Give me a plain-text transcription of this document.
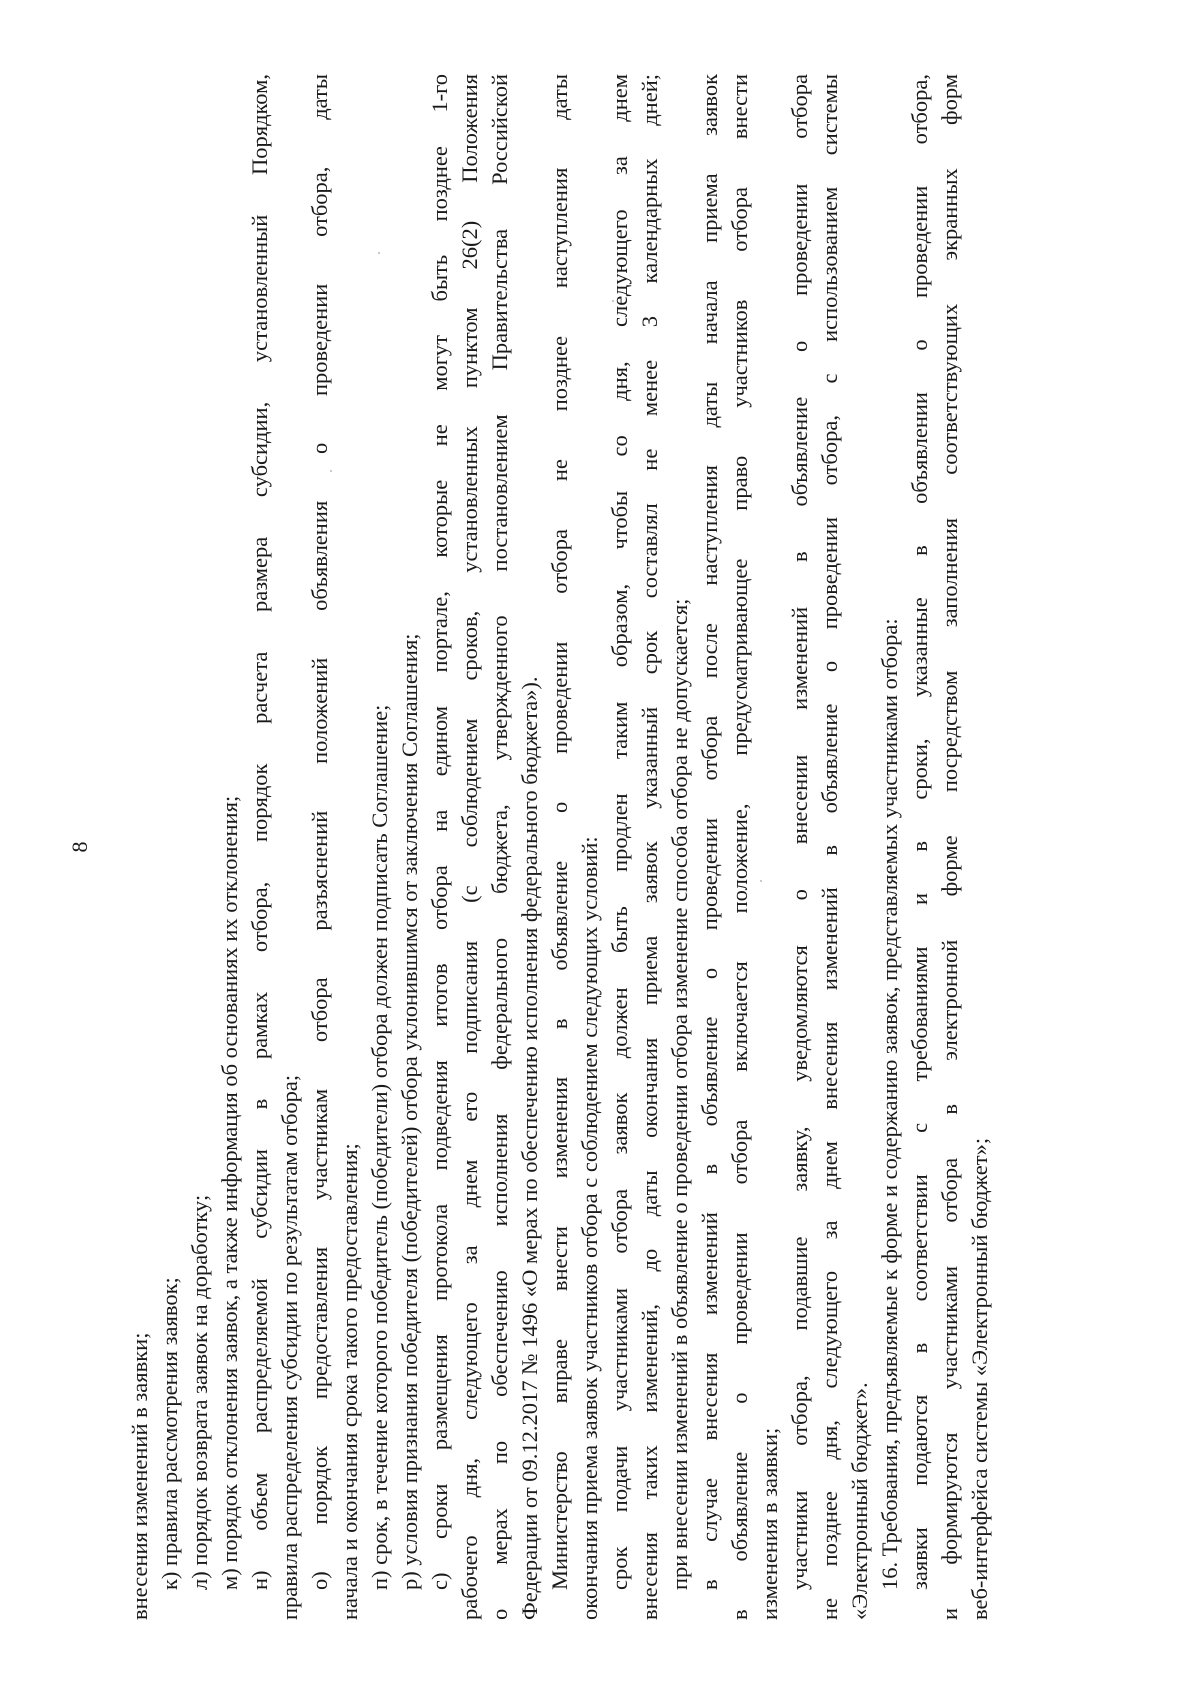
8
внесения изменений в заявки; к) правила рассмотрения заявок; л) порядок возврата заявок на доработку; м) порядок отклонения заявок, а также информация об основаниях их отклонения; н) объем распределяемой субсидии в рамках отбора, порядок расчета размера субсидии, установленный Порядком, правила распределения субсидии по результатам отбора; о) порядок предоставления участникам отбора разъяснений положений объявления о проведении отбора, даты начала и окончания срока такого предоставления; п) срок, в течение которого победитель (победители) отбора должен подписать Соглашение; р) условия признания победителя (победителей) отбора уклонившимся от заключения Соглашения; с) сроки размещения протокола подведения итогов отбора на едином портале, которые не могут быть позднее 1-го рабочего дня, следующего за днем его подписания (с соблюдением сроков, установленных пунктом 26(2) Положения о мерах по обеспечению исполнения федерального бюджета, утвержденного постановлением Правительства Российской Федерации от 09.12.2017 № 1496 «О мерах по обеспечению исполнения федерального бюджета»). Министерство вправе внести изменения в объявление о проведении отбора не позднее наступления даты окончания приема заявок участников отбора с соблюдением следующих условий: срок подачи участниками отбора заявок должен быть продлен таким образом, чтобы со дня, следующего за днем внесения таких изменений, до даты окончания приема заявок указанный срок составлял не менее 3 календарных дней; при внесении изменений в объявление о проведении отбора изменение способа отбора не допускается; в случае внесения изменений в объявление о проведении отбора после наступления даты начала приема заявок в объявление о проведении отбора включается положение, предусматривающее право участников отбора внести изменения в заявки; участники отбора, подавшие заявку, уведомляются о внесении изменений в объявление о проведении отбора не позднее дня, следующего за днем внесения изменений в объявление о проведении отбора, с использованием системы «Электронный бюджет». 16. Требования, предъявляемые к форме и содержанию заявок, представляемых участниками отбора: заявки подаются в соответствии с требованиями и в сроки, указанные в объявлении о проведении отбора, и формируются участниками отбора в электронной форме посредством заполнения соответствующих экранных форм веб-интерфейса системы «Электронный бюджет»;
